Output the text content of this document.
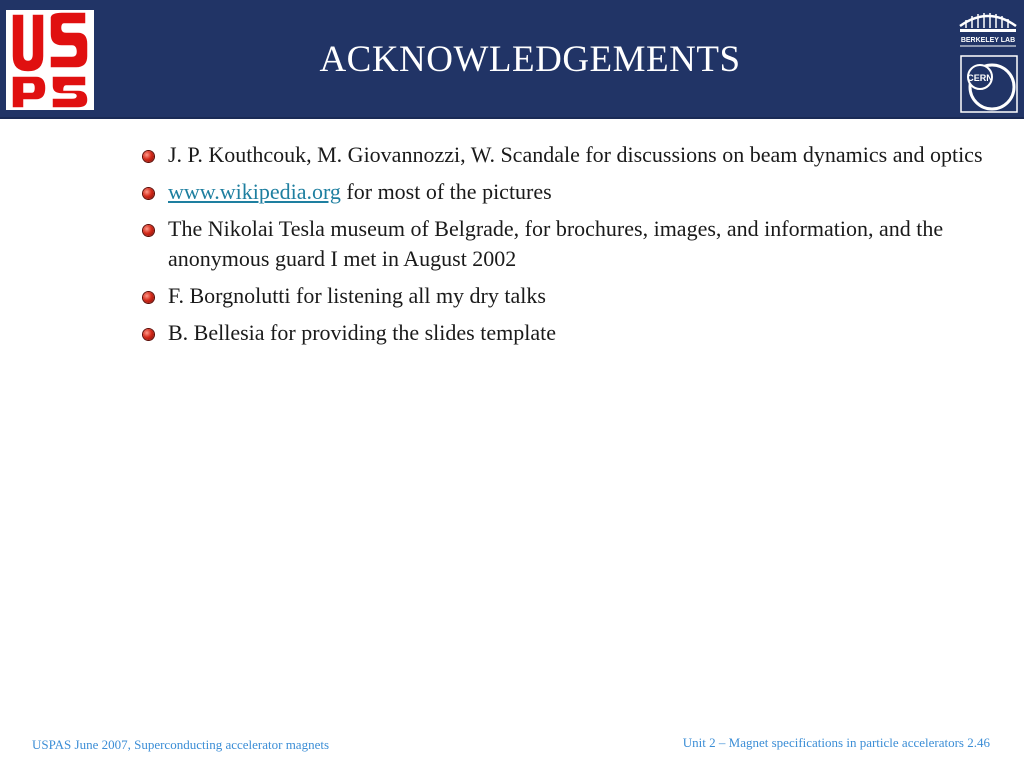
ACKNOWLEDGEMENTS	BERKELEY LAB
CERN
J. P. Kouthcouk, M. Giovannozzi, W. Scandale for discussions on beam dynamics and optics
www.wikipedia.org for most of the pictures
The Nikolai Tesla museum of Belgrade, for brochures, images, and information, and the anonymous guard I met in August 2002
F. Borgnolutti for listening all my dry talks
B. Bellesia for providing the slides template
USPAS June 2007, Superconducting accelerator magnets	Unit 2 – Magnet specifications in particle accelerators 2.46
